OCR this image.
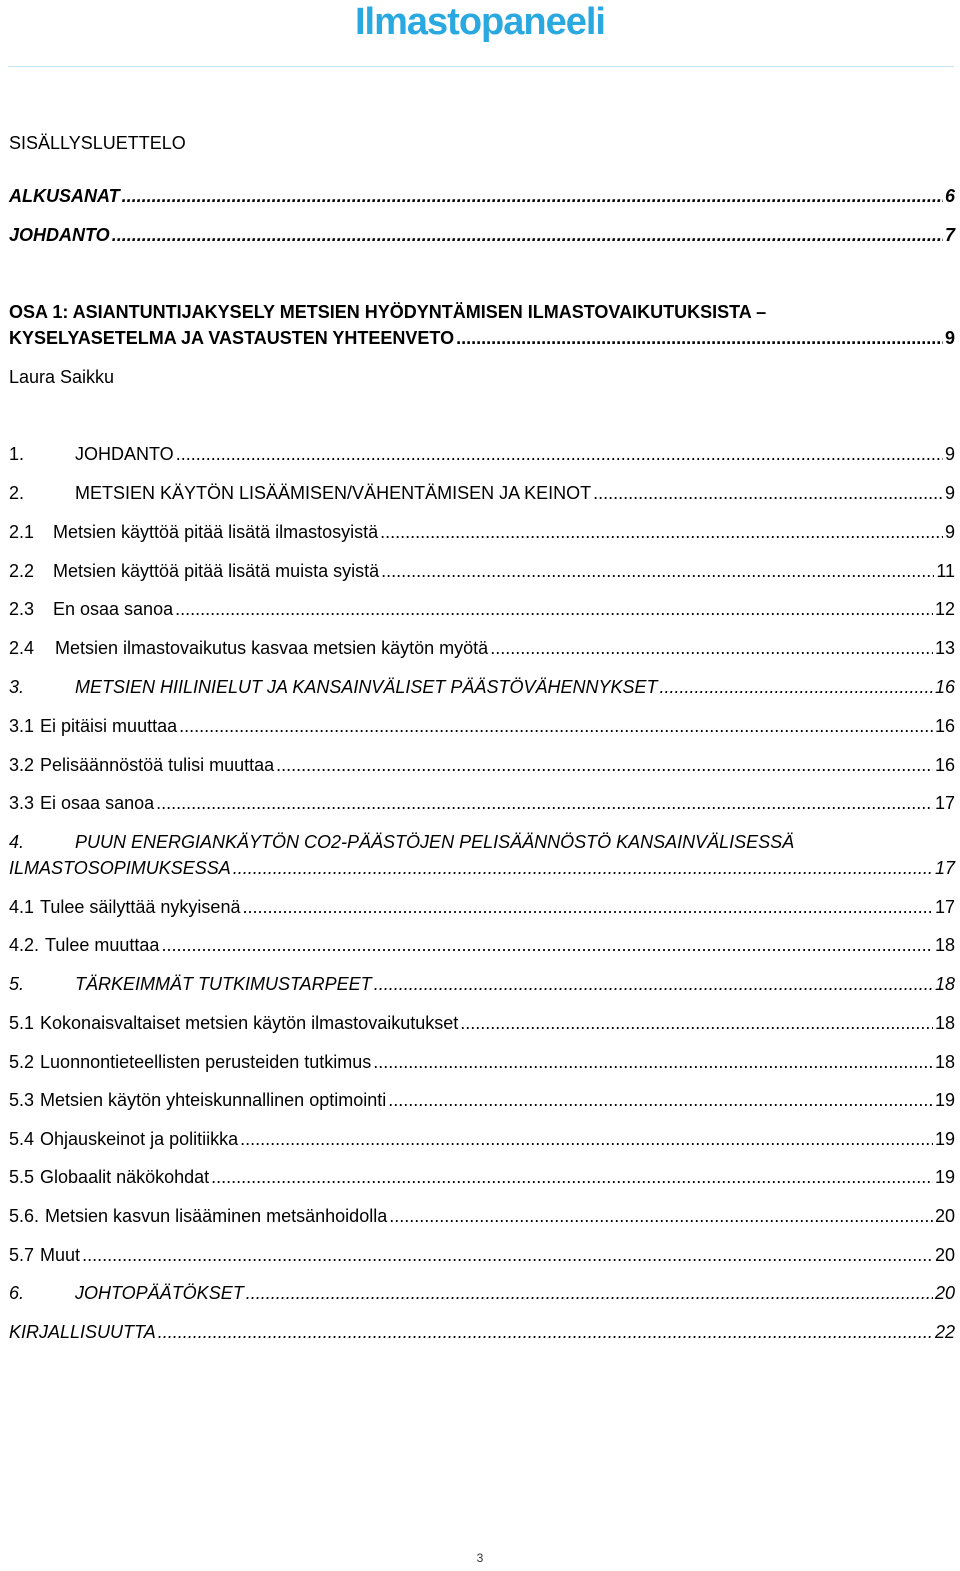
Ilmastopaneeli
SISÄLLYSLUETTELO
ALKUSANAT .....	6
JOHDANTO .....	7
OSA 1: ASIANTUNTIJAKYSELY METSIEN HYÖDYNTÄMISEN ILMASTOVAIKUTUKSISTA –
KYSELYASETELMA JA VASTAUSTEN YHTEENVETO .....	9
Laura Saikku
1.	JOHDANTO .....	9
2.	METSIEN KÄYTÖN LISÄÄMISEN/VÄHENTÄMISEN JA KEINOT .....	9
2.1	Metsien käyttöä pitää lisätä ilmastosyistä .....	9
2.2	Metsien käyttöä pitää lisätä muista syistä .....	11
2.3	En osaa sanoa .....	12
2.4	Metsien ilmastovaikutus kasvaa metsien käytön myötä .....	13
3.	METSIEN HIILINIELUT JA KANSAINVÄLISET PÄÄSTÖVÄHENNYKSET .....	16
3.1 Ei pitäisi muuttaa .....	16
3.2 Pelisäännöstöä tulisi muuttaa .....	16
3.3 Ei osaa sanoa .....	17
4.	PUUN ENERGIANKÄYTÖN CO2-PÄÄSTÖJEN PELISÄÄNNÖSTÖ KANSAINVÄLISESSÄ
ILMASTOSOPIMUKSESSA .....	17
4.1 Tulee säilyttää nykyisenä .....	17
4.2. Tulee muuttaa .....	18
5.	TÄRKEIMMÄT TUTKIMUSTARPEET .....	18
5.1 Kokonaisvaltaiset metsien käytön ilmastovaikutukset .....	18
5.2 Luonnontieteellisten perusteiden tutkimus .....	18
5.3 Metsien käytön yhteiskunnallinen optimointi .....	19
5.4 Ohjauskeinot ja politiikka .....	19
5.5 Globaalit näkökohdat .....	19
5.6. Metsien kasvun lisääminen metsänhoidolla .....	20
5.7 Muut .....	20
6.	JOHTOPÄÄTÖKSET .....	20
KIRJALLISUUTTA .....	22
3
